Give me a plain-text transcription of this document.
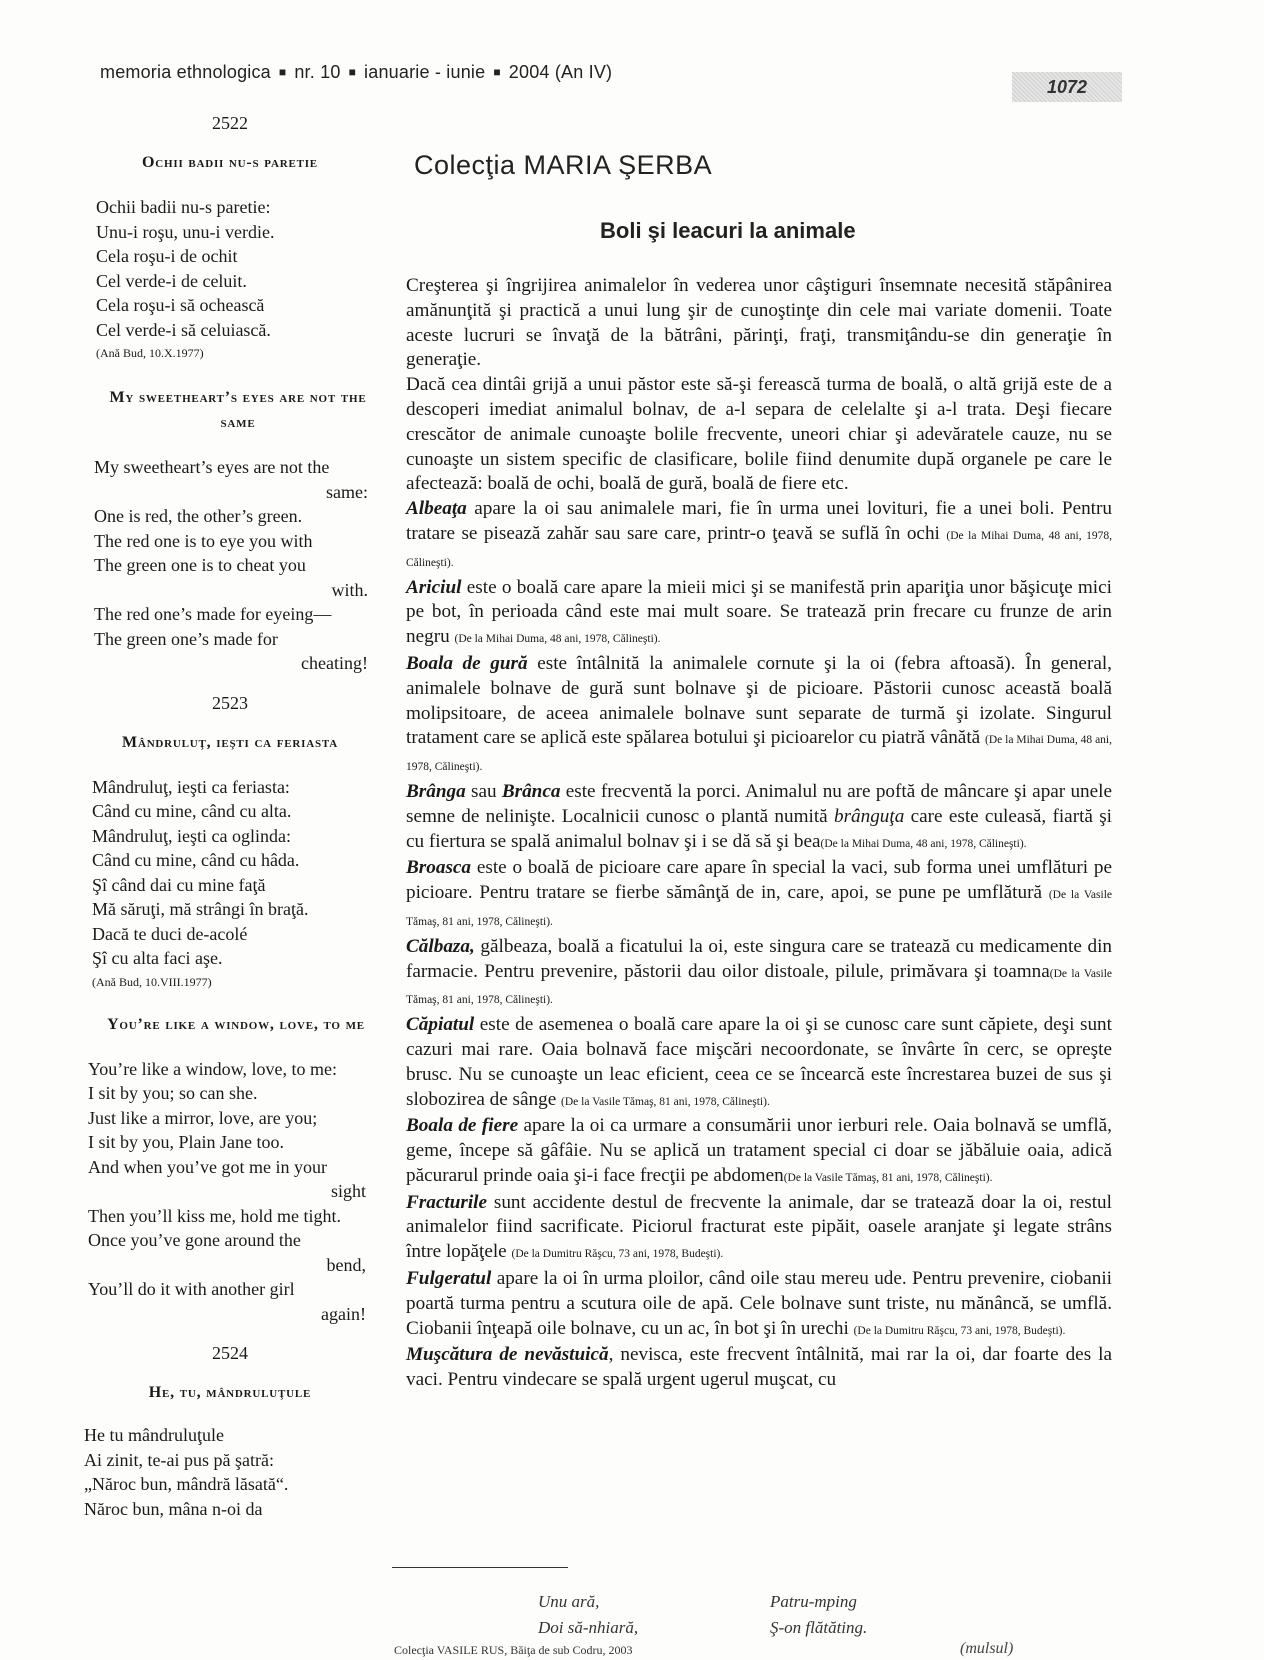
memoria ethnologica ■ nr. 10 ■ ianuarie - iunie ■ 2004 (An IV)
1072
2522
Ochii badii nu-s paretie
Ochii badii nu-s paretie:
Unu-i roşu, unu-i verdie.
Cela roşu-i de ochit
Cel verde-i de celuit.
Cela roşu-i să ochească
Cel verde-i să celuiască.
(Ană Bud, 10.X.1977)
My sweetheart’s eyes are not the same
My sweetheart’s eyes are not the
same:
One is red, the other’s green.
The red one is to eye you with
The green one is to cheat you
with.
The red one’s made for eyeing—
The green one’s made for
cheating!
2523
Mândruluţ, ieşti ca feriasta
Mândruluţ, ieşti ca feriasta:
Când cu mine, când cu alta.
Mândruluţ, ieşti ca oglinda:
Când cu mine, când cu hâda.
Şî când dai cu mine faţă
Mă săruţi, mă strângi în braţă.
Dacă te duci de-acolé
Şî cu alta faci aşe.
(Ană Bud, 10.VIII.1977)
You’re like a window, love, to me
You’re like a window, love, to me:
I sit by you; so can she.
Just like a mirror, love, are you;
I sit by you, Plain Jane too.
And when you’ve got me in your
sight
Then you’ll kiss me, hold me tight.
Once you’ve gone around the
bend,
You’ll do it with another girl
again!
2524
He, tu, mândruluţule
He tu mândruluţule
Ai zinit, te-ai pus pă şatră:
„Năroc bun, mândră lăsată“.
Năroc bun, mâna n-oi da
Colecţia MARIA ŞERBA
Boli şi leacuri la animale

Creşterea şi îngrijirea animalelor în vederea unor câştiguri însemnate necesită stăpânirea amănunţită şi practică a unui lung şir de cunoştinţe din cele mai variate domenii. Toate aceste lucruri se învaţă de la bătrâni, părinţi, fraţi, transmiţându-se din generaţie în generaţie.

Dacă cea dintâi grijă a unui păstor este să-şi ferească turma de boală, o altă grijă este de a descoperi imediat animalul bolnav, de a-l separa de celelalte şi a-l trata. Deşi fiecare crescător de animale cunoaşte bolile frecvente, uneori chiar şi adevăratele cauze, nu se cunoaşte un sistem specific de clasificare, bolile fiind denumite după organele pe care le afectează: boală de ochi, boală de gură, boală de fiere etc.

Albeaţa apare la oi sau animalele mari, fie în urma unei lovituri, fie a unei boli. Pentru tratare se pisează zahăr sau sare care, printr-o ţeavă se suflă în ochi (De la Mihai Duma, 48 ani, 1978, Călineşti).

Ariciul este o boală care apare la mieii mici şi se manifestă prin apariţia unor băşicuţe mici pe bot, în perioada când este mai mult soare. Se tratează prin frecare cu frunze de arin negru (De la Mihai Duma, 48 ani, 1978, Călineşti).

Boala de gură este întâlnită la animalele cornute şi la oi (febra aftoasă). În general, animalele bolnave de gură sunt bolnave şi de picioare. Păstorii cunosc această boală molipsitoare, de aceea animalele bolnave sunt separate de turmă şi izolate. Singurul tratament care se aplică este spălarea botului şi picioarelor cu piatră vânătă (De la Mihai Duma, 48 ani, 1978, Călineşti).

Brânga sau Brânca este frecventă la porci. Animalul nu are poftă de mâncare şi apar unele semne de nelinişte. Localnicii cunosc o plantă numită brânguţa care este culeasă, fiartă şi cu fiertura se spală animalul bolnav şi i se dă să şi bea(De la Mihai Duma, 48 ani, 1978, Călineşti).

Broasca este o boală de picioare care apare în special la vaci, sub forma unei umflături pe picioare. Pentru tratare se fierbe sămânţă de in, care, apoi, se pune pe umflătură (De la Vasile Tămaş, 81 ani, 1978, Călineşti).

Călbaza, gălbeaza, boală a ficatului la oi, este singura care se tratează cu medicamente din farmacie. Pentru prevenire, păstorii dau oilor distoale, pilule, primăvara şi toamna(De la Vasile Tămaş, 81 ani, 1978, Călineşti).

Căpiatul este de asemenea o boală care apare la oi şi se cunosc care sunt căpiete, deşi sunt cazuri mai rare. Oaia bolnavă face mişcări necoordonate, se învârte în cerc, se opreşte brusc. Nu se cunoaşte un leac eficient, ceea ce se încearcă este încrestarea buzei de sus şi slobozirea de sânge (De la Vasile Tămaş, 81 ani, 1978, Călineşti).

Boala de fiere apare la oi ca urmare a consumării unor ierburi rele. Oaia bolnavă se umflă, geme, începe să gâfâie. Nu se aplică un tratament special ci doar se jăbăluie oaia, adică păcurarul prinde oaia şi-i face frecţii pe abdomen(De la Vasile Tămaş, 81 ani, 1978, Călineşti).

Fracturile sunt accidente destul de frecvente la animale, dar se tratează doar la oi, restul animalelor fiind sacrificate. Piciorul fracturat este pipăit, oasele aranjate şi legate strâns între lopăţele (De la Dumitru Răşcu, 73 ani, 1978, Budeşti).

Fulgeratul apare la oi în urma ploilor, când oile stau mereu ude. Pentru prevenire, ciobanii poartă turma pentru a scutura oile de apă. Cele bolnave sunt triste, nu mănâncă, se umflă. Ciobanii înţeapă oile bolnave, cu un ac, în bot şi în urechi (De la Dumitru Răşcu, 73 ani, 1978, Budeşti).

Muşcătura de nevăstuică, nevisca, este frecvent întâlnită, mai rar la oi, dar foarte des la vaci. Pentru vindecare se spală urgent ugerul muşcat, cu

Unu ară,
Doi să-nhiară,
Patru-mping
Ş-on flătăting.
Colecţia VASILE RUS, Băiţa de sub Codru, 2003	(mulsul)
